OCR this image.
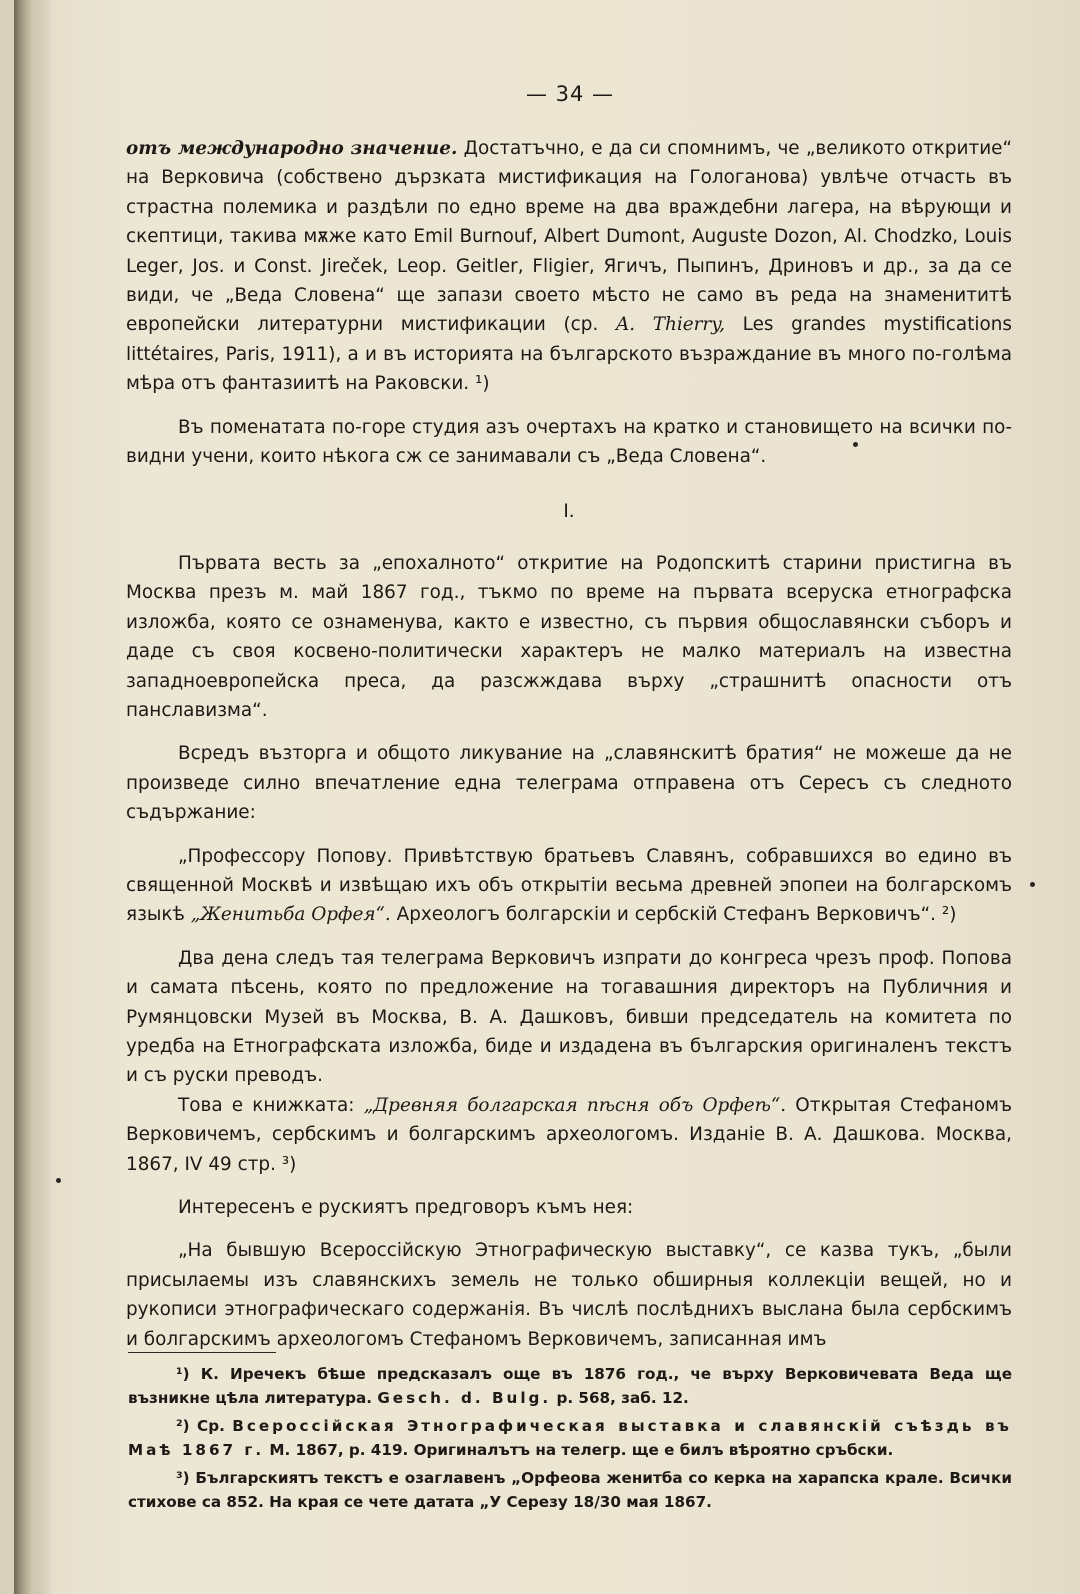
— 34 —

отъ международно значение. Достатъчно, е да си спомнимъ, че „великото откритие“ на Верковича (собствено дързката мистификация на Гологанова) увлѣче отчасть въ страстна полемика и раздѣли по едно време на два враждебни лагера, на вѣрующи и скептици, такива мѫже като Emil Burnouf, Albert Dumont, Auguste Dozon, Al. Chodzko, Louis Leger, Jos. и Const. Jireček, Leop. Geitler, Fligier, Ягичъ, Пыпинъ, Дриновъ и др., за да се види, че „Веда Словена“ ще запази своето мѣсто не само въ реда на знаменититѣ европейски литературни мистификации (ср. A. Thierry, Les grandes mystifications littétaires, Paris, 1911), а и въ историята на българското възраждание въ много по-голѣма мѣра отъ фантазиитѣ на Раковски. ¹)

Въ поменатата по-горе студия азъ очертахъ на кратко и становището на всички по-видни учени, които нѣкога сж се занимавали съ „Веда Словена“.

I.

Първата весть за „епохалното“ откритие на Родопскитѣ старини пристигна въ Москва презъ м. май 1867 год., тъкмо по време на първата всеруска етнографска изложба, която се ознаменува, както е известно, съ първия общославянски съборъ и даде съ своя косвено-политически характеръ не малко материалъ на известна западноевропейска преса, да разсжждава върху „страшнитѣ опасности отъ панславизма“.

Всредъ възторга и общото ликувание на „славянскитѣ братия“ не можеше да не произведе силно впечатление една телеграма отправена отъ Сересъ съ следното съдържание:

„Профессору Попову. Привѣтствую братьевъ Славянъ, собравшихся во едино въ священной Москвѣ и извѣщаю ихъ объ открытіи весьма древней эпопеи на болгарскомъ языкѣ „Женитьба Орфея“. Археологъ болгарскіи и сербскій Стефанъ Верковичъ“. ²)

Два дена следъ тая телеграма Верковичъ изпрати до конгреса чрезъ проф. Попова и самата пѣсень, която по предложение на тогавашния директоръ на Публичния и Румянцовски Музей въ Москва, В. А. Дашковъ, бивши председатель на комитета по уредба на Етнографската изложба, биде и издадена въ българския оригиналенъ текстъ и съ руски преводъ.

Това е книжката: „Древняя болгарская пѣсня объ Орфеѣ“. Открытая Стефаномъ Верковичемъ, сербскимъ и болгарскимъ археологомъ. Изданіе В. А. Дашкова. Москва, 1867, IV 49 стр. ³)

Интересенъ е рускиятъ предговоръ къмъ нея:

„На бывшую Всероссійскую Этнографическую выставку“, се казва тукъ, „были присылаемы изъ славянскихъ земель не только обширныя коллекціи вещей, но и рукописи этнографическаго содержанія. Въ числѣ послѣднихъ выслана была сербскимъ и болгарскимъ археологомъ Стефаномъ Верковичемъ, записанная имъ

¹) К. Иречекъ бѣше предсказалъ още въ 1876 год., че върху Верковичевата Веда ще възникне цѣла литература. Gesch. d. Bulg. p. 568, заб. 12.

²) Ср. Всероссійская Этнографическая выставка и славянскій съѣздь въ Маѣ 1867 г. М. 1867, р. 419. Оригиналътъ на телегр. ще е билъ вѣроятно сръбски.

³) Българскиятъ текстъ е озаглавенъ „Орфеова женитба со керка на харапска крале. Всички стихове са 852. На края се чете датата „У Серезу 18/30 мая 1867.
